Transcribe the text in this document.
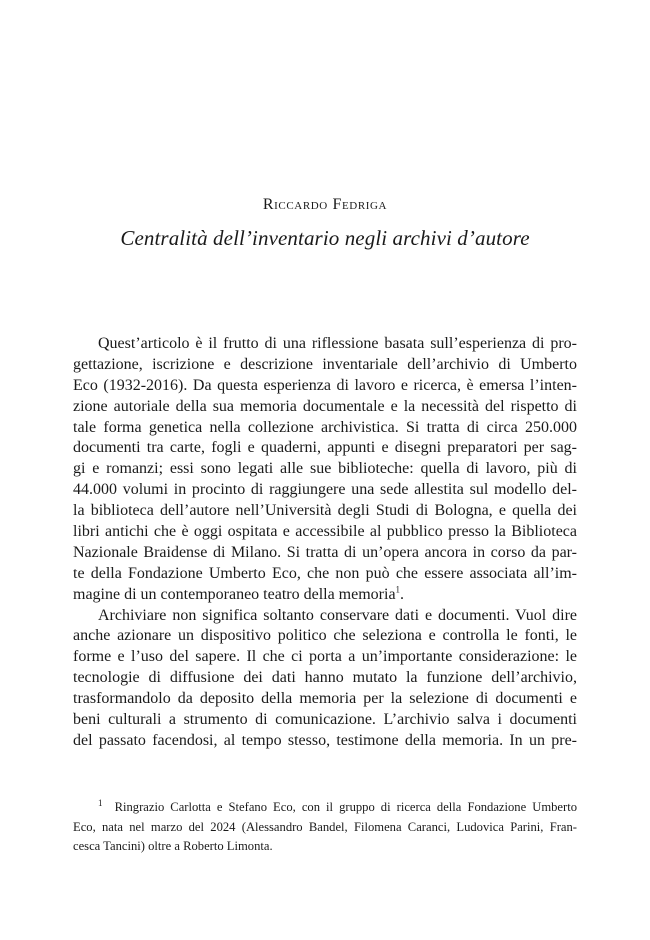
Riccardo Fedriga
Centralità dell’inventario negli archivi d’autore
Quest’articolo è il frutto di una riflessione basata sull’esperienza di pro-
gettazione, iscrizione e descrizione inventariale dell’archivio di Umberto
Eco (1932-2016). Da questa esperienza di lavoro e ricerca, è emersa l’inten-
zione autoriale della sua memoria documentale e la necessità del rispetto di
tale forma genetica nella collezione archivistica. Si tratta di circa 250.000
documenti tra carte, fogli e quaderni, appunti e disegni preparatori per sag-
gi e romanzi; essi sono legati alle sue biblioteche: quella di lavoro, più di
44.000 volumi in procinto di raggiungere una sede allestita sul modello del-
la biblioteca dell’autore nell’Università degli Studi di Bologna, e quella dei
libri antichi che è oggi ospitata e accessibile al pubblico presso la Biblioteca
Nazionale Braidense di Milano. Si tratta di un’opera ancora in corso da par-
te della Fondazione Umberto Eco, che non può che essere associata all’im-
magine di un contemporaneo teatro della memoria$^1$.
Archiviare non significa soltanto conservare dati e documenti. Vuol dire
anche azionare un dispositivo politico che seleziona e controlla le fonti, le
forme e l’uso del sapere. Il che ci porta a un’importante considerazione: le
tecnologie di diffusione dei dati hanno mutato la funzione dell’archivio,
trasformandolo da deposito della memoria per la selezione di documenti e
beni culturali a strumento di comunicazione. L’archivio salva i documenti
del passato facendosi, al tempo stesso, testimone della memoria. In un pre-
$^1$ Ringrazio Carlotta e Stefano Eco, con il gruppo di ricerca della Fondazione Umberto
Eco, nata nel marzo del 2024 (Alessandro Bandel, Filomena Caranci, Ludovica Parini, Fran-
cesca Tancini) oltre a Roberto Limonta.
